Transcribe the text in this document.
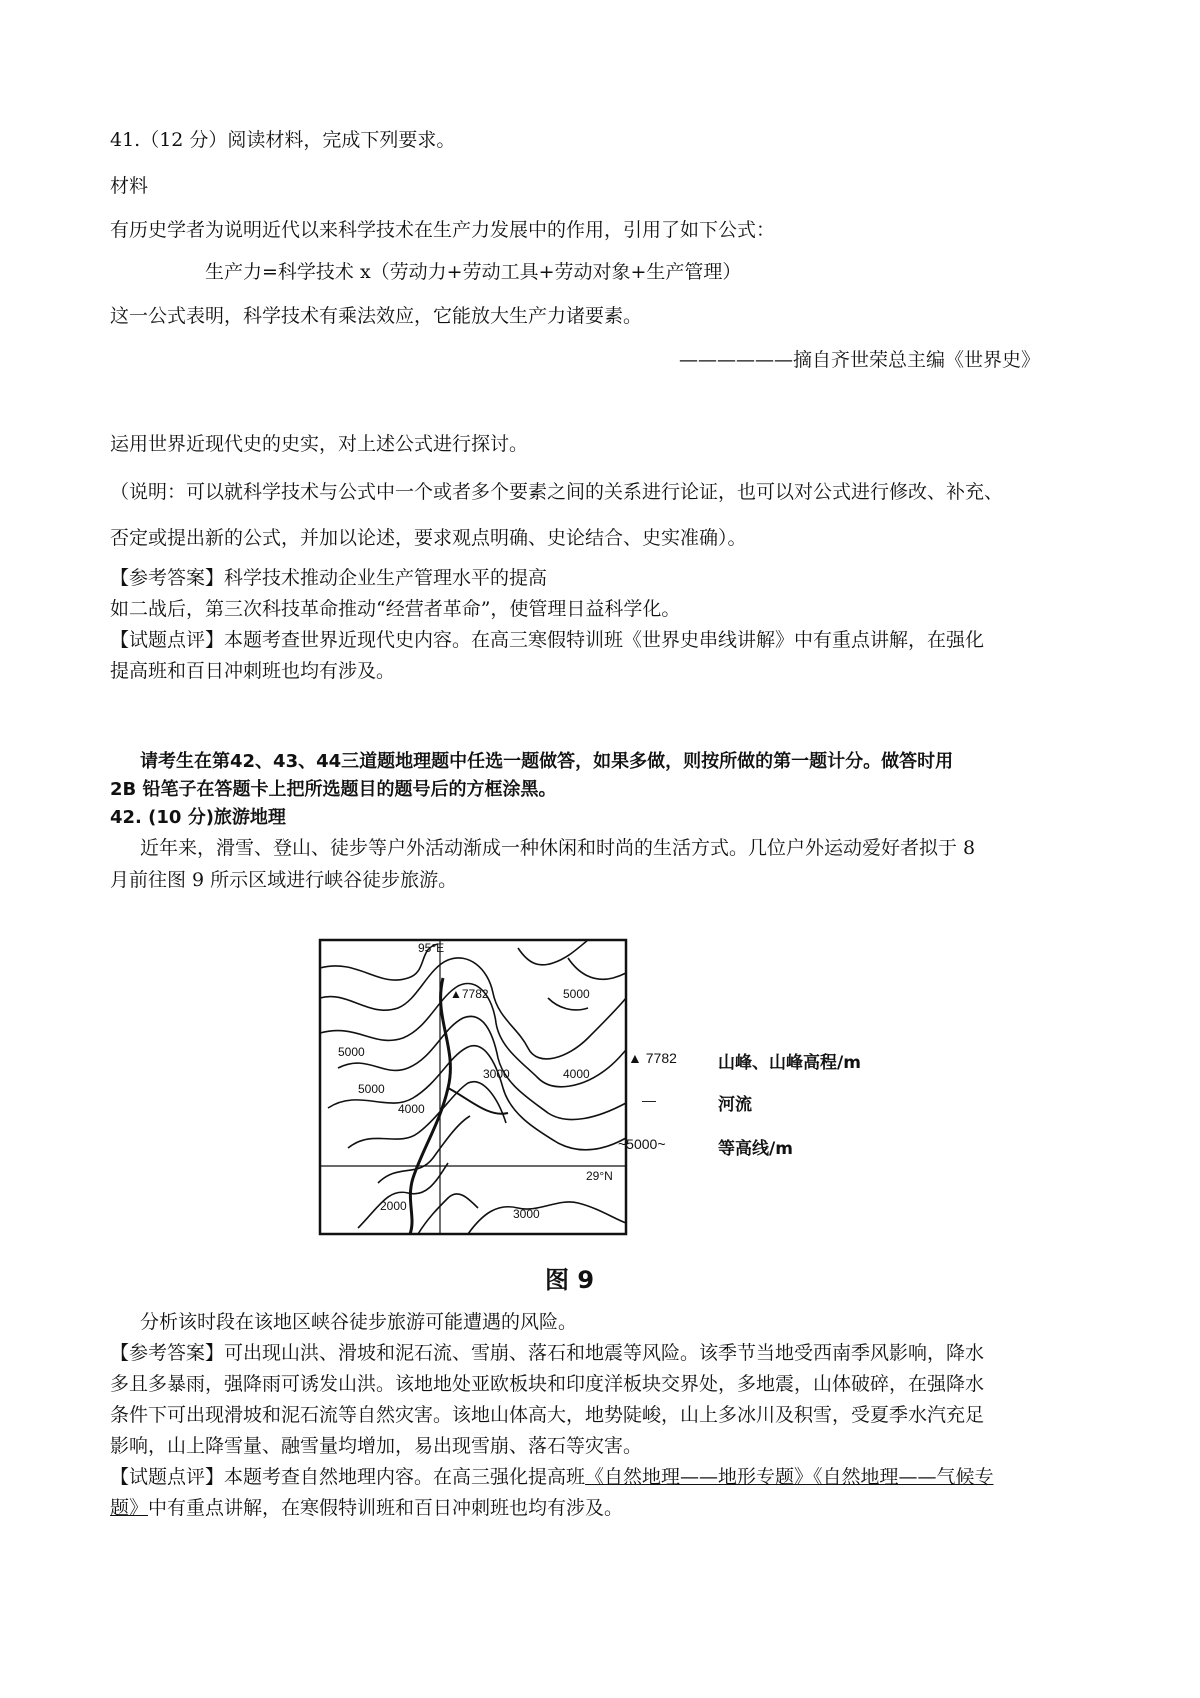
41.（12 分）阅读材料，完成下列要求。
材料
有历史学者为说明近代以来科学技术在生产力发展中的作用，引用了如下公式：
生产力=科学技术 x（劳动力+劳动工具+劳动对象+生产管理）
这一公式表明，科学技术有乘法效应，它能放大生产力诸要素。
——————摘自齐世荣总主编《世界史》
运用世界近现代史的史实，对上述公式进行探讨。
（说明：可以就科学技术与公式中一个或者多个要素之间的关系进行论证，也可以对公式进行修改、补充、
否定或提出新的公式，并加以论述，要求观点明确、史论结合、史实准确）。
【参考答案】科学技术推动企业生产管理水平的提高
如二战后，第三次科技革命推动“经营者革命”，使管理日益科学化。
【试题点评】本题考查世界近现代史内容。在高三寒假特训班《世界史串线讲解》中有重点讲解，在强化
提高班和百日冲刺班也均有涉及。
请考生在第42、43、44三道题地理题中任选一题做答，如果多做，则按所做的第一题计分。做答时用
2B 铅笔子在答题卡上把所选题目的题号后的方框涂黑。
42. (10 分)旅游地理
近年来，滑雪、登山、徒步等户外活动渐成一种休闲和时尚的生活方式。几位户外运动爱好者拟于 8
月前往图 9 所示区域进行峡谷徒步旅游。
95°E
29°N
▲7782	5000
5000
5000
4000
3000	4000
3000
2000
▲ 7782 山峰、山峰高程/m
—	河流
~5000~	等高线/m
图 9
分析该时段在该地区峡谷徒步旅游可能遭遇的风险。
【参考答案】可出现山洪、滑坡和泥石流、雪崩、落石和地震等风险。该季节当地受西南季风影响，降水
多且多暴雨，强降雨可诱发山洪。该地地处亚欧板块和印度洋板块交界处，多地震，山体破碎，在强降水
条件下可出现滑坡和泥石流等自然灾害。该地山体高大，地势陡峻，山上多冰川及积雪，受夏季水汽充足
影响，山上降雪量、融雪量均增加，易出现雪崩、落石等灾害。
【试题点评】本题考查自然地理内容。在高三强化提高班《自然地理——地形专题》《自然地理——气候专
题》中有重点讲解，在寒假特训班和百日冲刺班也均有涉及。
